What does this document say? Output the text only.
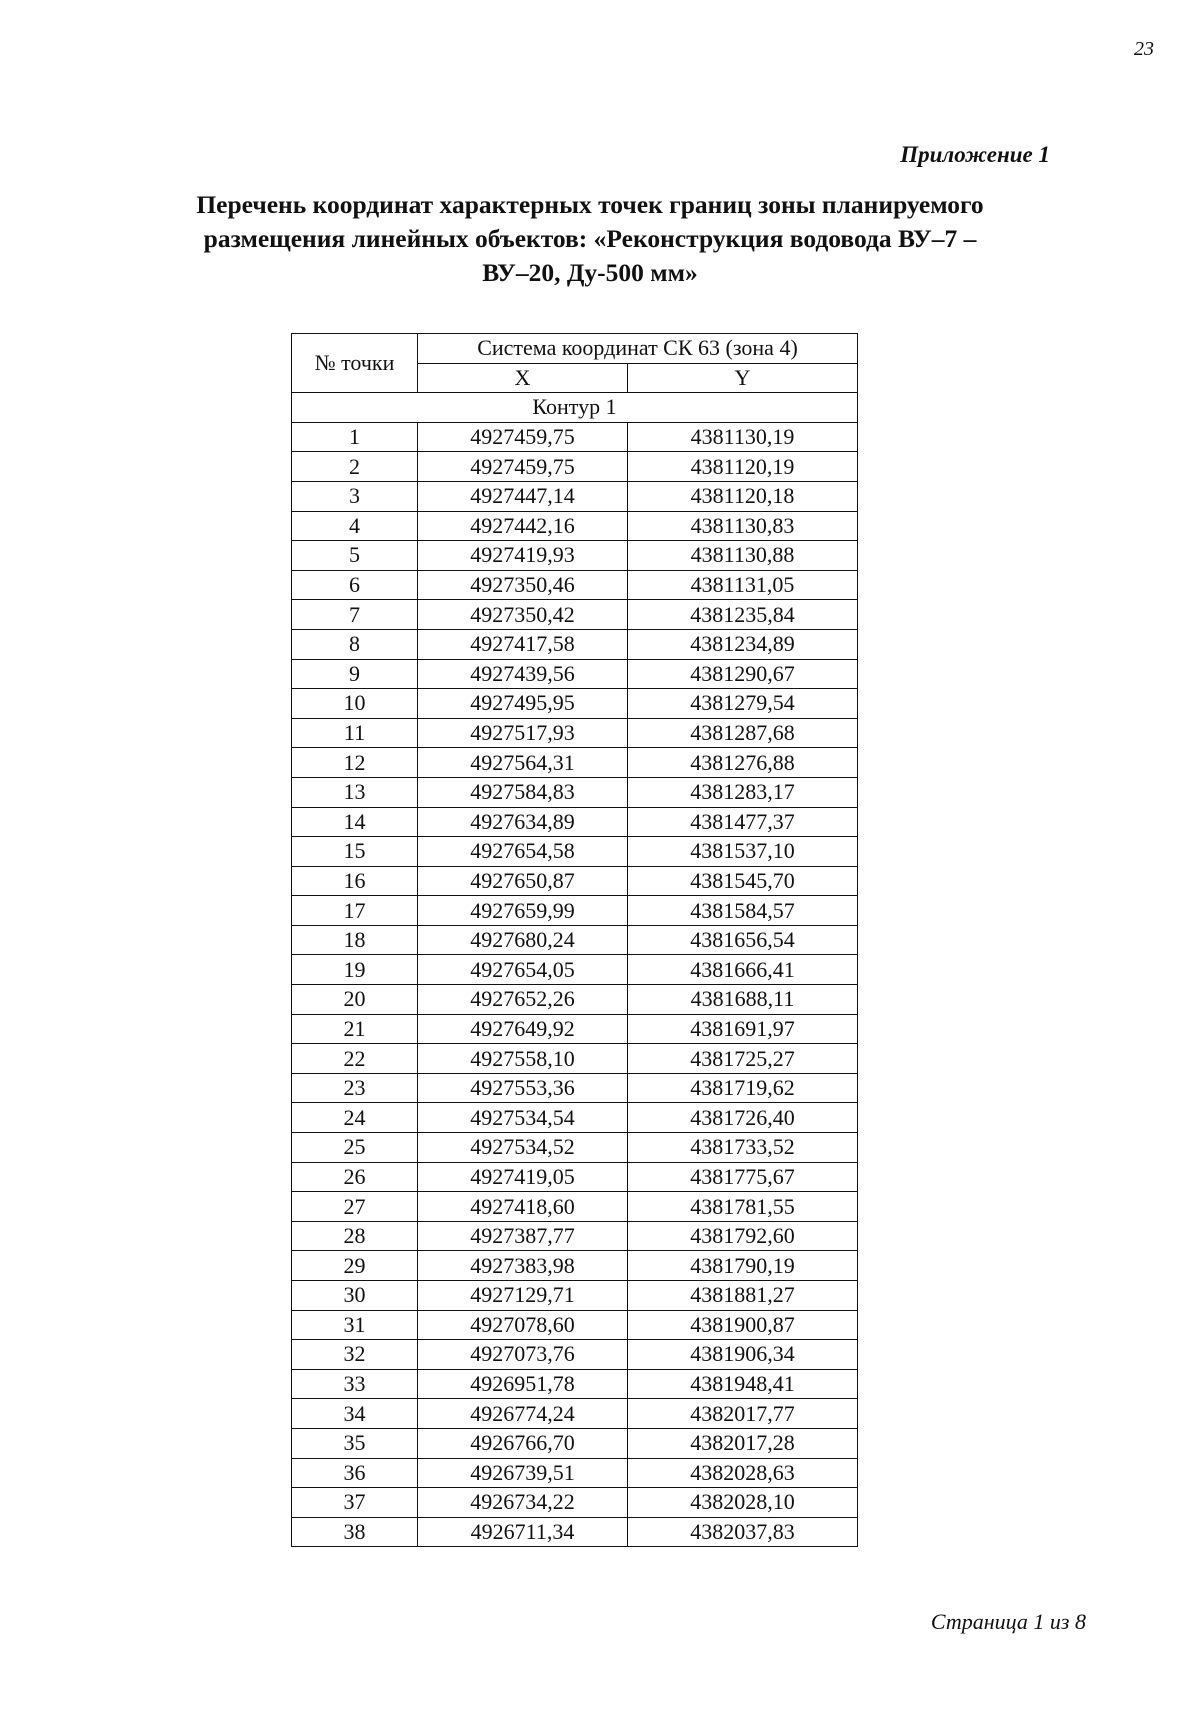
23
Приложение 1
Перечень координат характерных точек границ зоны планируемого
размещения линейных объектов: «Реконструкция водовода ВУ–7 –
ВУ–20, Ду-500 мм»
№ точки	Система координат СК 63 (зона 4)	
	X	Y
Контур 1		
1	4927459,75	4381130,19
2	4927459,75	4381120,19
3	4927447,14	4381120,18
4	4927442,16	4381130,83
5	4927419,93	4381130,88
6	4927350,46	4381131,05
7	4927350,42	4381235,84
8	4927417,58	4381234,89
9	4927439,56	4381290,67
10	4927495,95	4381279,54
11	4927517,93	4381287,68
12	4927564,31	4381276,88
13	4927584,83	4381283,17
14	4927634,89	4381477,37
15	4927654,58	4381537,10
16	4927650,87	4381545,70
17	4927659,99	4381584,57
18	4927680,24	4381656,54
19	4927654,05	4381666,41
20	4927652,26	4381688,11
21	4927649,92	4381691,97
22	4927558,10	4381725,27
23	4927553,36	4381719,62
24	4927534,54	4381726,40
25	4927534,52	4381733,52
26	4927419,05	4381775,67
27	4927418,60	4381781,55
28	4927387,77	4381792,60
29	4927383,98	4381790,19
30	4927129,71	4381881,27
31	4927078,60	4381900,87
32	4927073,76	4381906,34
33	4926951,78	4381948,41
34	4926774,24	4382017,77
35	4926766,70	4382017,28
36	4926739,51	4382028,63
37	4926734,22	4382028,10
38	4926711,34	4382037,83
Страница 1 из 8
